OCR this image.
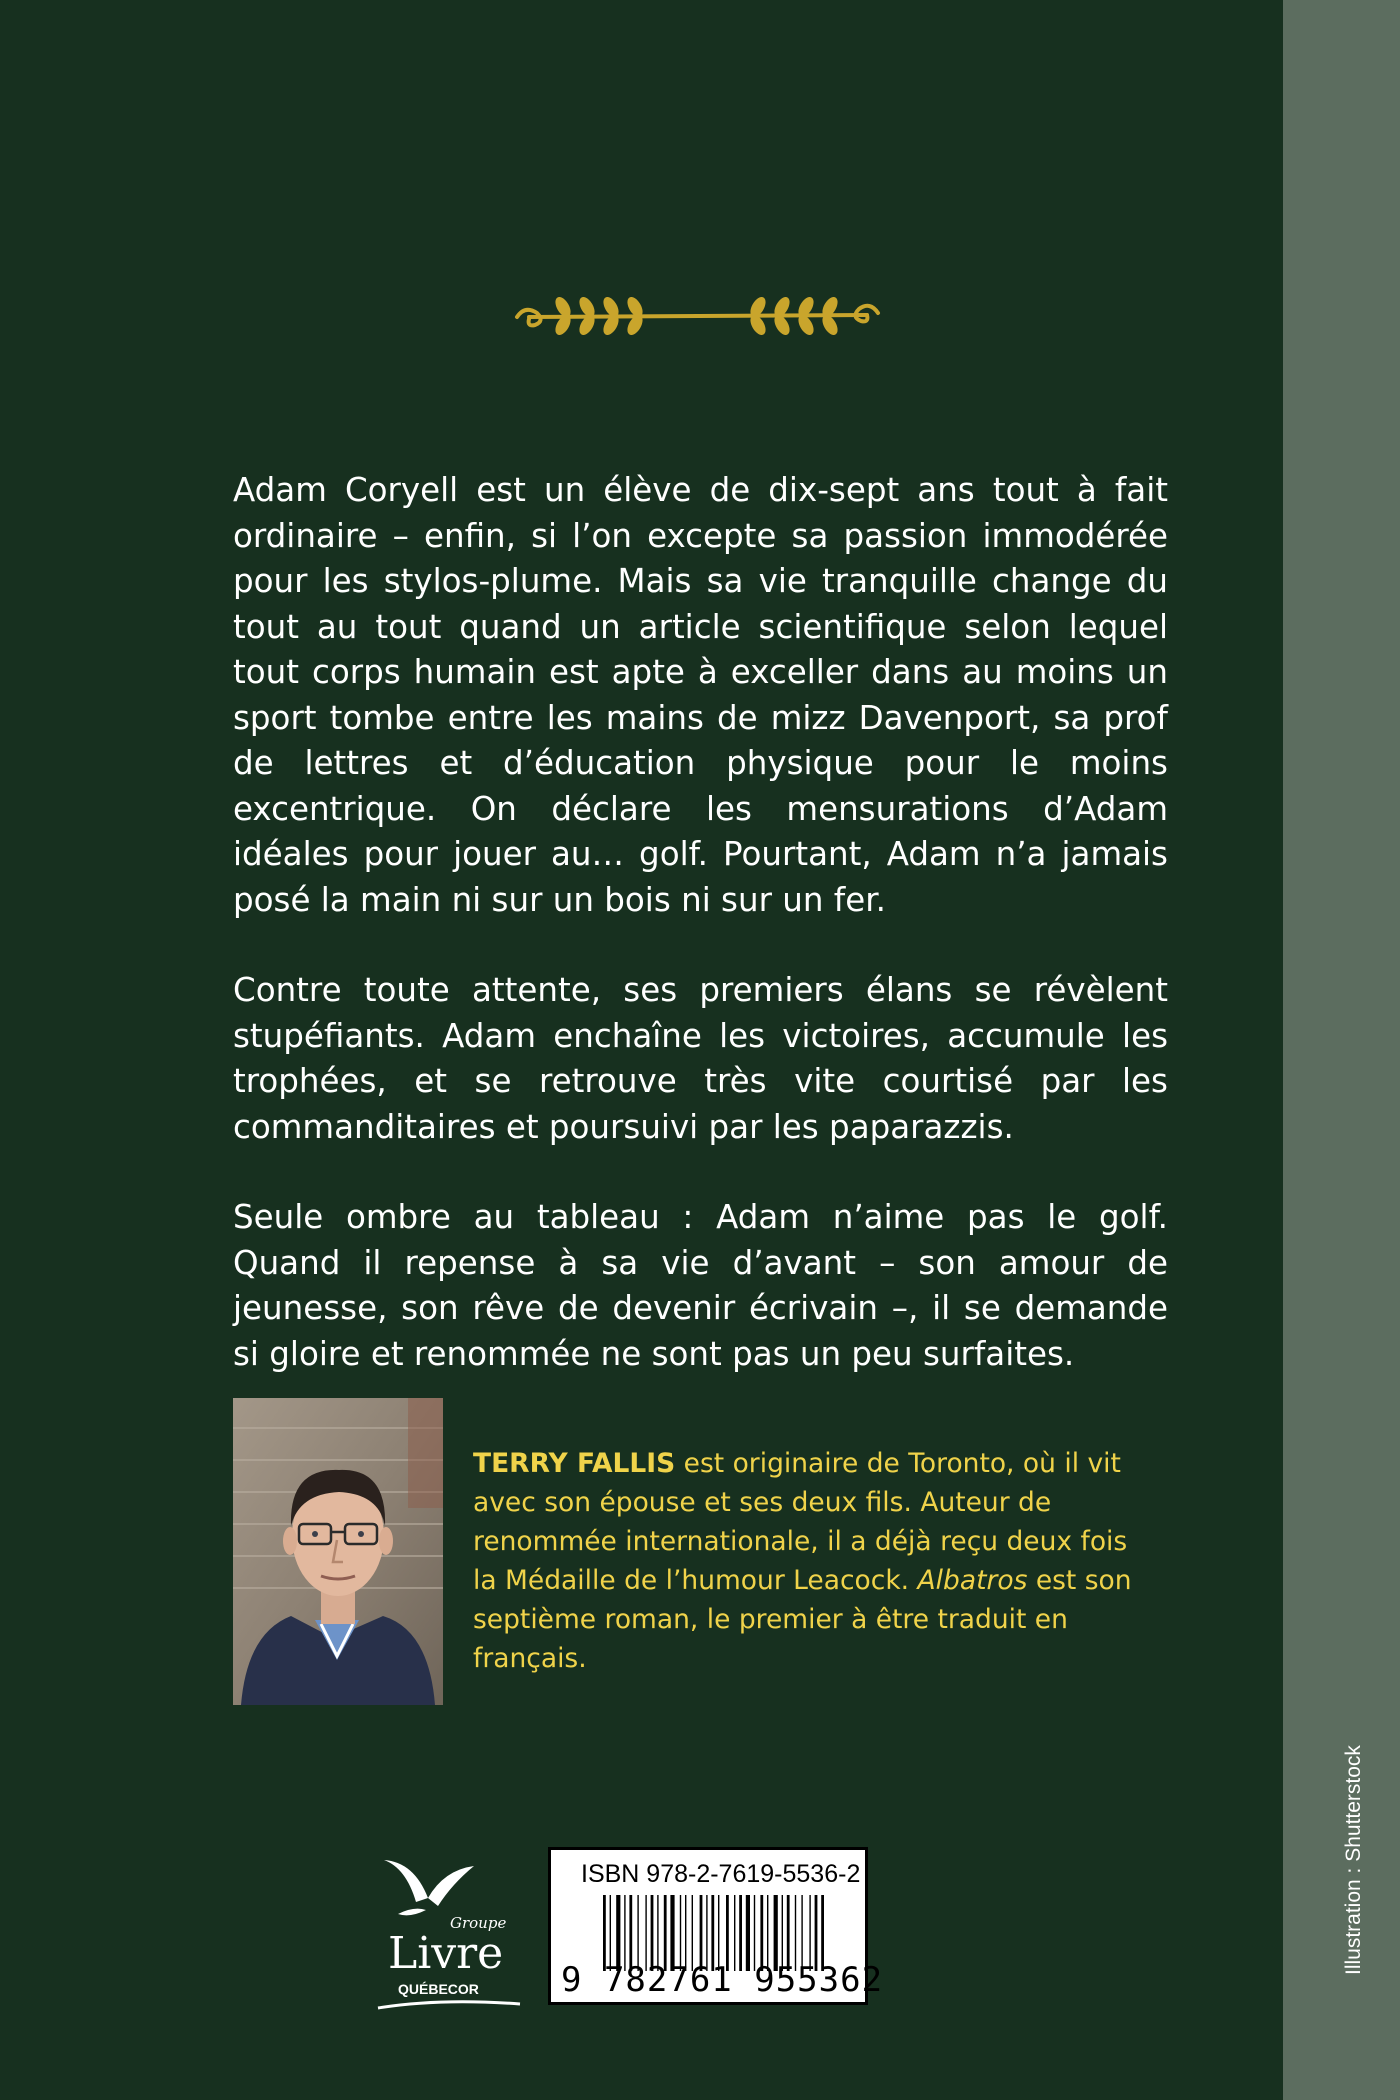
Adam Coryell est un élève de dix-sept ans tout à fait ordinaire – enfin, si l’on excepte sa passion immodérée pour les stylos-plume. Mais sa vie tranquille change du tout au tout quand un article scientifique selon lequel tout corps humain est apte à exceller dans au moins un sport tombe entre les mains de mizz Davenport, sa prof de lettres et d’éducation physique pour le moins excentrique. On déclare les mensurations d’Adam idéales pour jouer au… golf. Pourtant, Adam n’a jamais posé la main ni sur un bois ni sur un fer.

Contre toute attente, ses premiers élans se révèlent stupéfiants. Adam enchaîne les victoires, accumule les trophées, et se retrouve très vite courtisé par les commanditaires et poursuivi par les paparazzis.

Seule ombre au tableau : Adam n’aime pas le golf. Quand il repense à sa vie d’avant – son amour de jeunesse, son rêve de devenir écrivain –, il se demande si gloire et renommée ne sont pas un peu surfaites.

TERRY FALLIS est originaire de Toronto, où il vit avec son épouse et ses deux fils. Auteur de renommée internationale, il a déjà reçu deux fois la Médaille de l’humour Leacock. Albatros est son septième roman, le premier à être traduit en français.
Groupe
Livre
QUÉBECOR
ISBN 978-2-7619-5536-2
9 782761 955362
Illustration : Shutterstock
